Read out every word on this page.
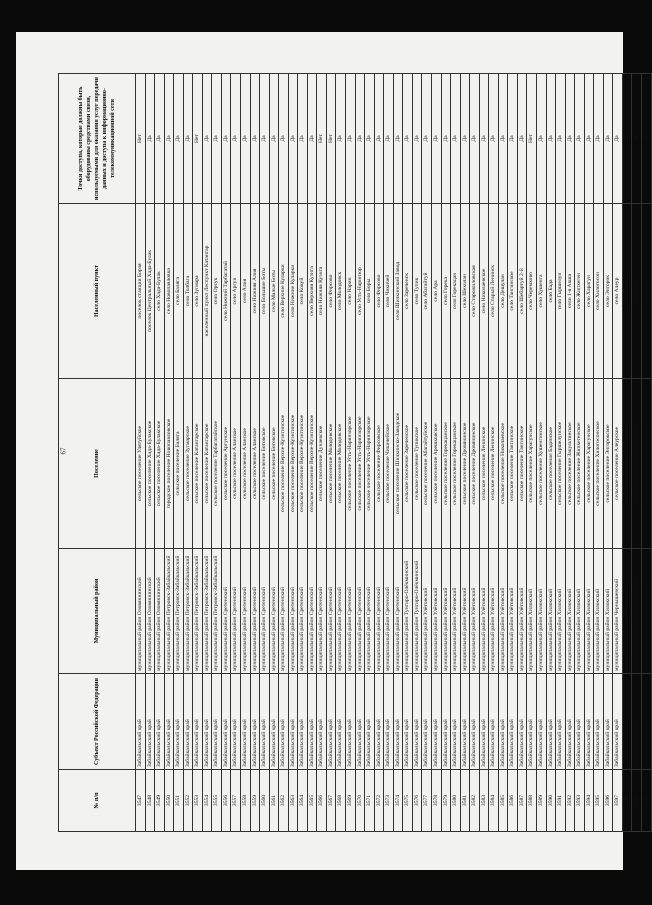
67
№ п/п	Субъект Российской Федерации	Муниципальный район	Поселение	Населенный пункт	Точки доступа, которые должны быть оборудованы средствами связи, используемыми для оказания услуг передачи данных и доступа к информационно-телекоммуникационной сети
3547	Забайкальский край	муниципальный район Оловяннинский	сельское поселение Улятуйское	поселок станции Борзя	Нет
3548	Забайкальский край	муниципальный район Оловяннинский	сельское поселение Хада-Булакское	поселок Центральный Хада-Булак	Да
3549	Забайкальский край	муниципальный район Оловяннинский	сельское поселение Хада-Булакское	село Хада-Булак	Да
3550	Забайкальский край	муниципальный район Петровск-Забайкальский	городское поселение Новопавловское	село Новопавловка	Да
3551	Забайкальский край	муниципальный район Петровск-Забайкальский	сельское поселение Баляга	село Баляга	Да
3552	Забайкальский край	муниципальный район Петровск-Забайкальский	сельское поселение Зугмарское	село Толбага	Да
3553	Забайкальский край	муниципальный район Петровск-Забайкальский	сельское поселение Катангарское	село Зугмара	Нет
3554	Забайкальский край	муниципальный район Петровск-Забайкальский	сельское поселение Катангарское	населенный пункт Леспункт Катангар	Да
3555	Забайкальский край	муниципальный район Петровск-Забайкальский	сельское поселение Тарбагатайское	село Орсук	Да
3556	Забайкальский край	муниципальный район Сретенский	сельское поселение Аргунское	село Нижний Тарбагатай	Да
3557	Забайкальский край	муниципальный район Сретенский	сельское поселение Аланское	село Аргун	Да
3558	Забайкальский край	муниципальный район Сретенский	сельское поселение Аланское	село Алия	Да
3559	Забайкальский край	муниципальный район Сретенский	сельское поселение Аланское	село Нижняя Алия	Да
3560	Забайкальский край	муниципальный район Сретенский	сельское поселение Ботовское	село Большие Боты	Да
3561	Забайкальский край	муниципальный район Сретенский	сельское поселение Ботовское	село Малые Боты	Да
3562	Забайкальский край	муниципальный район Сретенский	сельское поселение Верхне-Куэнгинское	село Верхние Куларки	Да
3563	Забайкальский край	муниципальный район Сретенский	сельское поселение Верхне-Куэнгинское	село Нижние Куларки	Да
3564	Забайкальский край	муниципальный район Сретенский	сельское поселение Верхне-Куэнгинское	село Кокуй	Да
3565	Забайкальский край	муниципальный район Сретенский	сельское поселение Верхне-Куэнгинское	село Верхняя Куэнга	Да
3566	Забайкальский край	муниципальный район Сретенский	сельское поселение Дунаевское	село Нижняя Куэнга	Нет
3567	Забайкальский край	муниципальный район Сретенский	сельское поселение Молодовское	село Фирсово	Нет
3568	Забайкальский край	муниципальный район Сретенский	сельское поселение Молодовское	село Молодовск	Да
3569	Забайкальский край	муниципальный район Сретенский	сельское поселение Усть-Наринзорское	село Нарин	Да
3570	Забайкальский край	муниципальный район Сретенский	сельское поселение Усть-Наринзорское	село Усть-Наринзор	Да
3571	Забайкальский край	муниципальный район Сретенский	сельское поселение Усть-Наринзорское	село Боры	Да
3572	Забайкальский край	муниципальный район Сретенский	сельское поселение Фирсовское	село Фирсово	Да
3573	Забайкальский край	муниципальный район Сретенский	сельское поселение Чикичейское	село Чикичей	Да
3574	Забайкальский край	муниципальный район Сретенский	сельское поселение Шилкинско-Заводское	село Шилкинский Завод	Да
3575	Забайкальский край	муниципальный район Тунгиро-Олёкминский	сельское поселение Зареченское	село Зареченск	Да
3576	Забайкальский край	муниципальный район Тунгиро-Олёкминский	сельское поселение Тупикское	село Тупик	Да
3577	Забайкальский край	муниципальный район Улётовский	сельское поселение Абагайтуйское	село Абагайтуй	Да
3578	Забайкальский край	муниципальный район Улётовский	сельское поселение Арешковское	село Ара	Да
3579	Забайкальский край	муниципальный район Улётовский	сельское поселение Горекацанское	село Горека	Да
3580	Забайкальский край	муниципальный район Улётовский	сельское поселение Горекацанское	село Горекацан	Да
3581	Забайкальский край	муниципальный район Улётовский	сельское поселение Дровянинское	село Шехолан	Да
3582	Забайкальский край	муниципальный район Улётовский	сельское поселение Дровянинское	село Старожиловская	Да
3583	Забайкальский край	муниципальный район Улётовский	сельское поселение Ленинское	село Николаевское	Да
3584	Забайкальский край	муниципальный район Улётовский	сельское поселение Ленинское	село Старый Ленинск	Да
3585	Забайкальский край	муниципальный район Улётовский	сельское поселение Николаевское	село Дешулан	Да
3586	Забайкальский край	муниципальный район Улётовский	сельское поселение Тангинское	село Тангинское	Да
3587	Забайкальский край	муниципальный район Улётовский	сельское поселение Тангинское	село Шебартуй 2-й	Да
3588	Забайкальский край	муниципальный район Хилокский	сельское поселение Харагунское	село Черемхово	Нет
3589	Забайкальский край	муниципальный район Хилокский	сельское поселение Хушенгинское	село Хушенга	Да
3590	Забайкальский край	муниципальный район Хилокский	сельское поселение Бадинское	село Бада	Да
3591	Забайкальский край	муниципальный район Хилокский	сельское поселение Гыршелунское	село Гыршелун	Да
3592	Забайкальский край	муниципальный район Хилокский	сельское поселение Закультинское	село 1-я Акша	Да
3593	Забайкальский край	муниципальный район Хилокский	сельское поселение Жипхегенское	село Жипхеген	Да
3594	Забайкальский край	муниципальный район Хилокский	сельское поселение Харагунское	село Харагун	Да
3595	Забайкальский край	муниципальный район Хилокский	сельское поселение Хилогосонское	село Хилогосон	Да
3596	Забайкальский край	муниципальный район Хилокский	сельское поселение Энгорокское	село Энгорок	Да
3597	Забайкальский край	муниципальный район Чернышевский	сельское поселение Алеурское	село Алеур	Да
3598	Забайкальский край	муниципальный район Чернышевский	сельское поселение Бушулейское	село Бушулей	Да
3599	Забайкальский край	муниципальный район Чернышевский	сельское поселение Байгульское	село Байгул	Да
3600	Забайкальский край	муниципальный район Чернышевский	сельское поселение Бушулейское	село Бушулей	Да
